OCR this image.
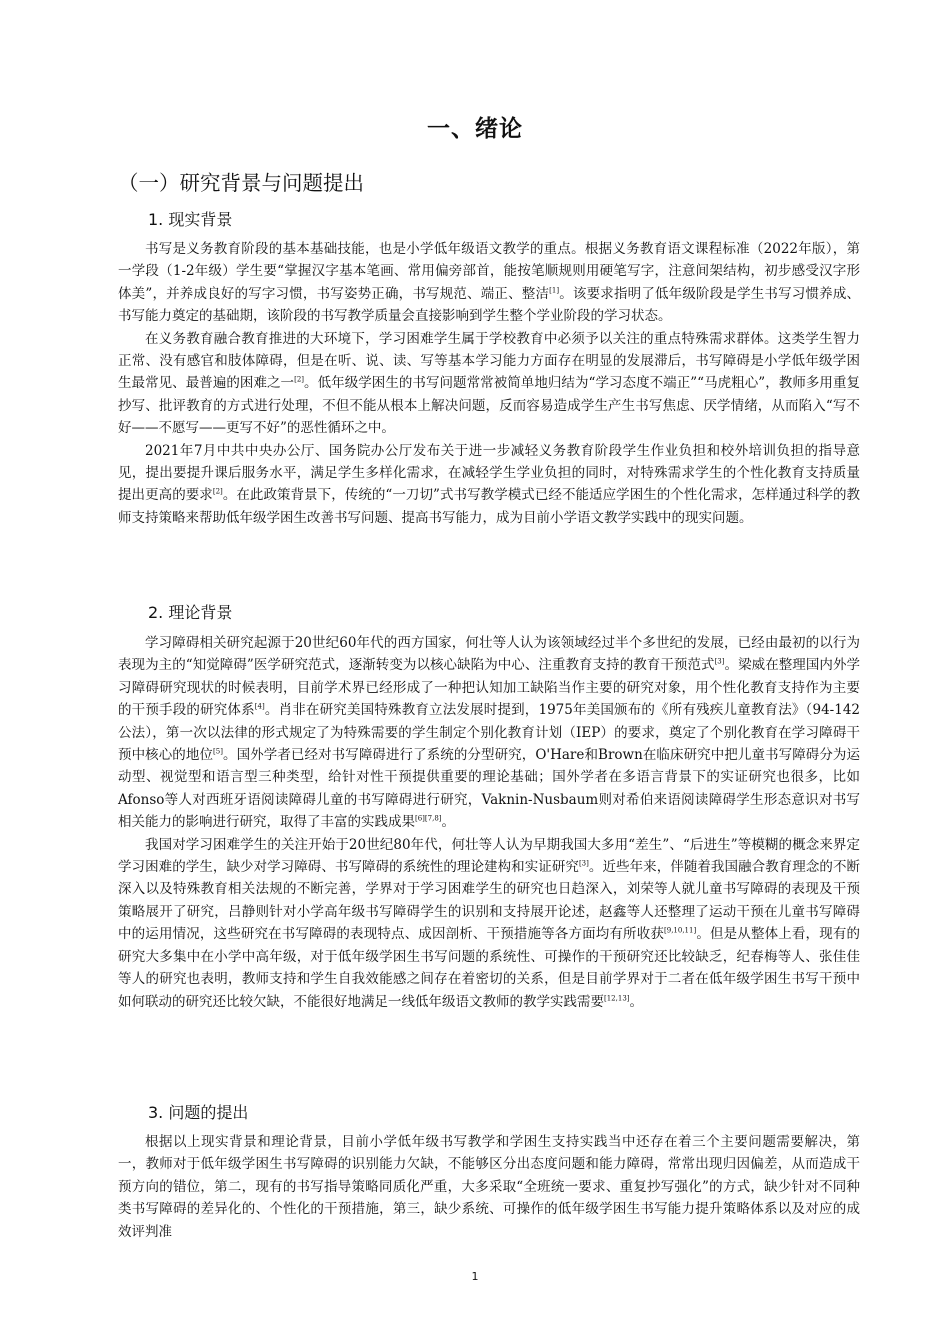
一、绪论
（一）研究背景与问题提出
1. 现实背景

书写是义务教育阶段的基本基础技能，也是小学低年级语文教学的重点。根据义务教育语文课程标准（2022年版），第一学段（1-2年级）学生要“掌握汉字基本笔画、常用偏旁部首，能按笔顺规则用硬笔写字，注意间架结构，初步感受汉字形体美”，并养成良好的写字习惯，书写姿势正确，书写规范、端正、整洁[1]。该要求指明了低年级阶段是学生书写习惯养成、书写能力奠定的基础期，该阶段的书写教学质量会直接影响到学生整个学业阶段的学习状态。

在义务教育融合教育推进的大环境下，学习困难学生属于学校教育中必须予以关注的重点特殊需求群体。这类学生智力正常、没有感官和肢体障碍，但是在听、说、读、写等基本学习能力方面存在明显的发展滞后，书写障碍是小学低年级学困生最常见、最普遍的困难之一[2]。低年级学困生的书写问题常常被简单地归结为“学习态度不端正”“马虎粗心”，教师多用重复抄写、批评教育的方式进行处理，不但不能从根本上解决问题，反而容易造成学生产生书写焦虑、厌学情绪，从而陷入“写不好——不愿写——更写不好”的恶性循环之中。

2021年7月中共中央办公厅、国务院办公厅发布关于进一步减轻义务教育阶段学生作业负担和校外培训负担的指导意见，提出要提升课后服务水平，满足学生多样化需求，在减轻学生学业负担的同时，对特殊需求学生的个性化教育支持质量提出更高的要求[2]。在此政策背景下，传统的“一刀切”式书写教学模式已经不能适应学困生的个性化需求，怎样通过科学的教师支持策略来帮助低年级学困生改善书写问题、提高书写能力，成为目前小学语文教学实践中的现实问题。

2. 理论背景

学习障碍相关研究起源于20世纪60年代的西方国家，何壮等人认为该领域经过半个多世纪的发展，已经由最初的以行为表现为主的“知觉障碍”医学研究范式，逐渐转变为以核心缺陷为中心、注重教育支持的教育干预范式[3]。梁威在整理国内外学习障碍研究现状的时候表明，目前学术界已经形成了一种把认知加工缺陷当作主要的研究对象，用个性化教育支持作为主要的干预手段的研究体系[4]。肖非在研究美国特殊教育立法发展时提到，1975年美国颁布的《所有残疾儿童教育法》（94-142公法），第一次以法律的形式规定了为特殊需要的学生制定个别化教育计划（IEP）的要求，奠定了个别化教育在学习障碍干预中核心的地位[5]。国外学者已经对书写障碍进行了系统的分型研究，O'Hare和Brown在临床研究中把儿童书写障碍分为运动型、视觉型和语言型三种类型，给针对性干预提供重要的理论基础；国外学者在多语言背景下的实证研究也很多，比如Afonso等人对西班牙语阅读障碍儿童的书写障碍进行研究，Vaknin-Nusbaum则对希伯来语阅读障碍学生形态意识对书写相关能力的影响进行研究，取得了丰富的实践成果[6][7,8]。

我国对学习困难学生的关注开始于20世纪80年代，何壮等人认为早期我国大多用“差生”、“后进生”等模糊的概念来界定学习困难的学生，缺少对学习障碍、书写障碍的系统性的理论建构和实证研究[3]。近些年来，伴随着我国融合教育理念的不断深入以及特殊教育相关法规的不断完善，学界对于学习困难学生的研究也日趋深入，刘荣等人就儿童书写障碍的表现及干预策略展开了研究，吕静则针对小学高年级书写障碍学生的识别和支持展开论述，赵鑫等人还整理了运动干预在儿童书写障碍中的运用情况，这些研究在书写障碍的表现特点、成因剖析、干预措施等各方面均有所收获[9,10,11]。但是从整体上看，现有的研究大多集中在小学中高年级，对于低年级学困生书写问题的系统性、可操作的干预研究还比较缺乏，纪春梅等人、张佳佳等人的研究也表明，教师支持和学生自我效能感之间存在着密切的关系，但是目前学界对于二者在低年级学困生书写干预中如何联动的研究还比较欠缺，不能很好地满足一线低年级语文教师的教学实践需要[12,13]。

3. 问题的提出

根据以上现实背景和理论背景，目前小学低年级书写教学和学困生支持实践当中还存在着三个主要问题需要解决，第一，教师对于低年级学困生书写障碍的识别能力欠缺，不能够区分出态度问题和能力障碍，常常出现归因偏差，从而造成干预方向的错位，第二，现有的书写指导策略同质化严重，大多采取“全班统一要求、重复抄写强化”的方式，缺少针对不同种类书写障碍的差异化的、个性化的干预措施，第三，缺少系统、可操作的低年级学困生书写能力提升策略体系以及对应的成效评判准

1
